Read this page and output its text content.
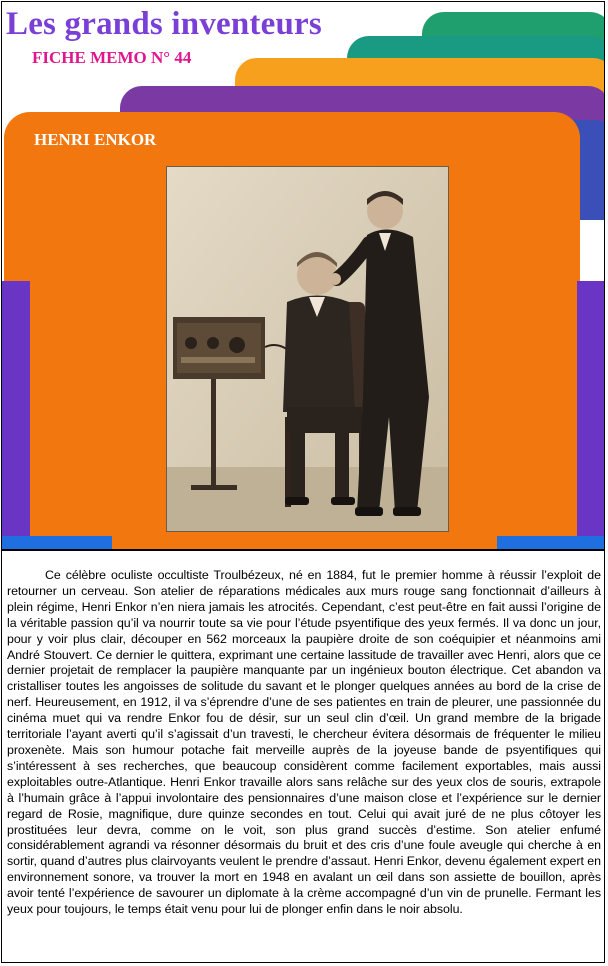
Les grands inventeurs
FICHE MEMO N° 44
HENRI ENKOR

Ce célèbre oculiste occultiste Troulbézeux, né en 1884, fut le premier homme à réussir l’exploit de retourner un cerveau. Son atelier de réparations médicales aux murs rouge sang fonctionnait d’ailleurs à plein régime, Henri Enkor n’en niera jamais les atrocités. Cependant, c’est peut-être en fait aussi l’origine de la véritable passion qu’il va nourrir toute sa vie pour l’étude psyentifique des yeux fermés. Il va donc un jour, pour y voir plus clair, découper en 562 morceaux la paupière droite de son coéquipier et néanmoins ami André Stouvert. Ce dernier le quittera, exprimant une certaine lassitude de travailler avec Henri, alors que ce dernier projetait de remplacer la paupière manquante par un ingénieux bouton électrique. Cet abandon va cristalliser toutes les angoisses de solitude du savant et le plonger quelques années au bord de la crise de nerf. Heureusement, en 1912, il va s’éprendre d’une de ses patientes en train de pleurer, une passionnée du cinéma muet qui va rendre Enkor fou de désir, sur un seul clin d’œil. Un grand membre de la brigade territoriale l’ayant averti qu’il s’agissait d’un travesti, le chercheur évitera désormais de fréquenter le milieu proxenète. Mais son humour potache fait merveille auprès de la joyeuse bande de psyentifiques qui s’intéressent à ses recherches, que beaucoup considèrent comme facilement exportables, mais aussi exploitables outre-Atlantique. Henri Enkor travaille alors sans relâche sur des yeux clos de souris, extrapole à l’humain grâce à l’appui involontaire des pensionnaires d’une maison close et l’expérience sur le dernier regard de Rosie, magnifique, dure quinze secondes en tout. Celui qui avait juré de ne plus côtoyer les prostituées leur devra, comme on le voit, son plus grand succès d’estime. Son atelier enfumé considérablement agrandi va résonner désormais du bruit et des cris d’une foule aveugle qui cherche à en sortir, quand d’autres plus clairvoyants veulent le prendre d’assaut. Henri Enkor, devenu également expert en environnement sonore, va trouver la mort en 1948 en avalant un œil dans son assiette de bouillon, après avoir tenté l’expérience de savourer un diplomate à la crème accompagné d’un vin de prunelle. Fermant les yeux pour toujours, le temps était venu pour lui de plonger enfin dans le noir absolu.
